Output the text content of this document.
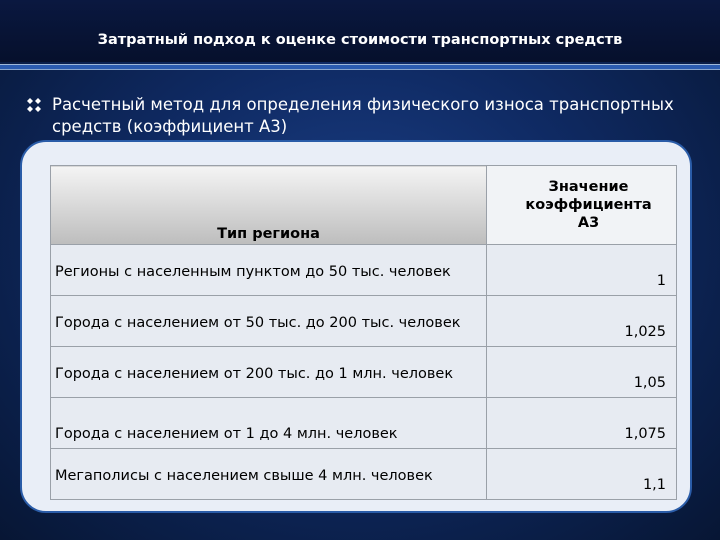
Затратный подход к оценке стоимости транспортных средств
Расчетный метод для определения физического износа транспортных средств (коэффициент А3)
Тип региона	Значение коэффициента А3

Регионы с населенным пунктом до 50 тыс. человек	1

Города с населением от 50 тыс. до 200 тыс. человек	1,025

Города с населением от 200 тыс. до 1 млн. человек	1,05

Города с населением от 1 до 4 млн. человек	1,075

Мегаполисы с населением свыше 4 млн. человек	1,1
